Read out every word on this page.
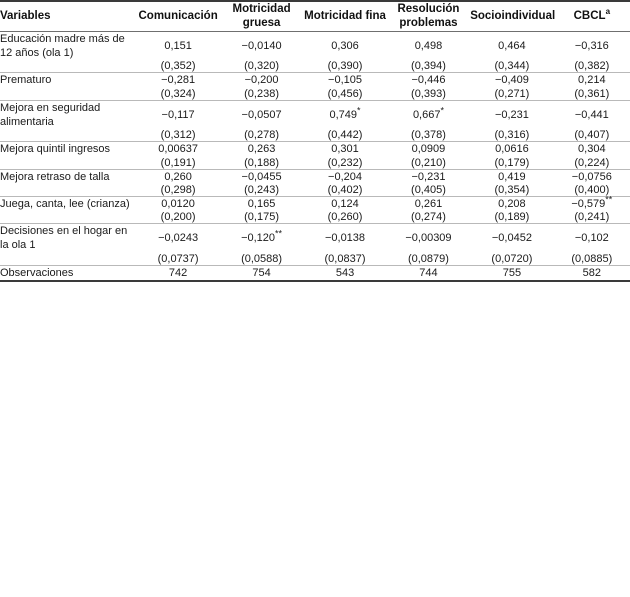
Variables	Comunicación	Motricidad gruesa	Motricidad fina	Resolución problemas	Socioindividual	CBCL$^a$
Educación madre más de 12 años (ola 1)	0,151	−0,0140	0,306	0,498	0,464	−0,316
	(0,352)	(0,320)	(0,390)	(0,394)	(0,344)	(0,382)
Prematuro	−0,281	−0,200	−0,105	−0,446	−0,409	0,214
	(0,324)	(0,238)	(0,456)	(0,393)	(0,271)	(0,361)
Mejora en seguridad alimentaria	−0,117	−0,0507	0,749*	0,667*	−0,231	−0,441
	(0,312)	(0,278)	(0,442)	(0,378)	(0,316)	(0,407)
Mejora quintil ingresos	0,00637	0,263	0,301	0,0909	0,0616	0,304
	(0,191)	(0,188)	(0,232)	(0,210)	(0,179)	(0,224)
Mejora retraso de talla	0,260	−0,0455	−0,204	−0,231	0,419	−0,0756
	(0,298)	(0,243)	(0,402)	(0,405)	(0,354)	(0,400)
Juega, canta, lee (crianza)	0,0120	0,165	0,124	0,261	0,208	−0,579**
	(0,200)	(0,175)	(0,260)	(0,274)	(0,189)	(0,241)
Decisiones en el hogar en la ola 1	−0,0243	−0,120**	−0,0138	−0,00309	−0,0452	−0,102
	(0,0737)	(0,0588)	(0,0837)	(0,0879)	(0,0720)	(0,0885)
Observaciones	742	754	543	744	755	582
